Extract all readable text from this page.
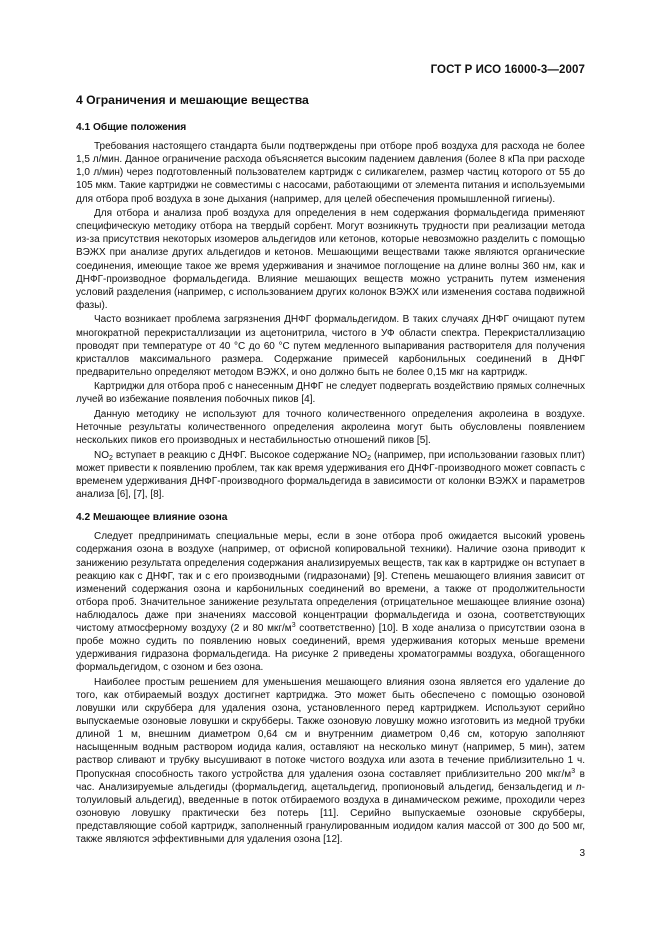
ГОСТ Р ИСО 16000-3—2007
4 Ограничения и мешающие вещества
4.1 Общие положения

Требования настоящего стандарта были подтверждены при отборе проб воздуха для расхода не более 1,5 л/мин. Данное ограничение расхода объясняется высоким падением давления (более 8 кПа при расходе 1,0 л/мин) через подготовленный пользователем картридж с силикагелем, размер частиц которого от 55 до 105 мкм. Такие картриджи не совместимы с насосами, работающими от элемента питания и используемыми для отбора проб воздуха в зоне дыхания (например, для целей обеспечения промышленной гигиены).

Для отбора и анализа проб воздуха для определения в нем содержания формальдегида применяют специфическую методику отбора на твердый сорбент. Могут возникнуть трудности при реализации метода из-за присутствия некоторых изомеров альдегидов или кетонов, которые невозможно разделить с помощью ВЭЖХ при анализе других альдегидов и кетонов. Мешающими веществами также являются органические соединения, имеющие такое же время удерживания и значимое поглощение на длине волны 360 нм, как и ДНФГ-производное формальдегида. Влияние мешающих веществ можно устранить путем изменения условий разделения (например, с использованием других колонок ВЭЖХ или изменения состава подвижной фазы).

Часто возникает проблема загрязнения ДНФГ формальдегидом. В таких случаях ДНФГ очищают путем многократной перекристаллизации из ацетонитрила, чистого в УФ области спектра. Перекристаллизацию проводят при температуре от 40 °С до 60 °С путем медленного выпаривания растворителя для получения кристаллов максимального размера. Содержание примесей карбонильных соединений в ДНФГ предварительно определяют методом ВЭЖХ, и оно должно быть не более 0,15 мкг на картридж.

Картриджи для отбора проб с нанесенным ДНФГ не следует подвергать воздействию прямых солнечных лучей во избежание появления побочных пиков [4].

Данную методику не используют для точного количественного определения акролеина в воздухе. Неточные результаты количественного определения акролеина могут быть обусловлены появлением нескольких пиков его производных и нестабильностью отношений пиков [5].

$NO_2$ вступает в реакцию с ДНФГ. Высокое содержание $NO_2$ (например, при использовании газовых плит) может привести к появлению проблем, так как время удерживания его ДНФГ-производного может совпасть с временем удерживания ДНФГ-производного формальдегида в зависимости от колонки ВЭЖХ и параметров анализа [6], [7], [8].

4.2 Мешающее влияние озона

Следует предпринимать специальные меры, если в зоне отбора проб ожидается высокий уровень содержания озона в воздухе (например, от офисной копировальной техники). Наличие озона приводит к занижению результата определения содержания анализируемых веществ, так как в картридже он вступает в реакцию как с ДНФГ, так и с его производными (гидразонами) [9]. Степень мешающего влияния зависит от изменений содержания озона и карбонильных соединений во времени, а также от продолжительности отбора проб. Значительное занижение результата определения (отрицательное мешающее влияние озона) наблюдалось даже при значениях массовой концентрации формальдегида и озона, соответствующих чистому атмосферному воздуху (2 и 80 мкг/$м^3$ соответственно) [10]. В ходе анализа о присутствии озона в пробе можно судить по появлению новых соединений, время удерживания которых меньше времени удерживания гидразона формальдегида. На рисунке 2 приведены хроматограммы воздуха, обогащенного формальдегидом, с озоном и без озона.

Наиболее простым решением для уменьшения мешающего влияния озона является его удаление до того, как отбираемый воздух достигнет картриджа. Это может быть обеспечено с помощью озоновой ловушки или скруббера для удаления озона, установленного перед картриджем. Используют серийно выпускаемые озоновые ловушки и скрубберы. Также озоновую ловушку можно изготовить из медной трубки длиной 1 м, внешним диаметром 0,64 см и внутренним диаметром 0,46 см, которую заполняют насыщенным водным раствором иодида калия, оставляют на несколько минут (например, 5 мин), затем раствор сливают и трубку высушивают в потоке чистого воздуха или азота в течение приблизительно 1 ч. Пропускная способность такого устройства для удаления озона составляет приблизительно 200 мкг/$м^3$ в час. Анализируемые альдегиды (формальдегид, ацетальдегид, пропионовый альдегид, бензальдегид и n-толуиловый альдегид), введенные в поток отбираемого воздуха в динамическом режиме, проходили через озоновую ловушку практически без потерь [11]. Серийно выпускаемые озоновые скрубберы, представляющие собой картридж, заполненный гранулированным иодидом калия массой от 300 до 500 мг, также являются эффективными для удаления озона [12].

3
